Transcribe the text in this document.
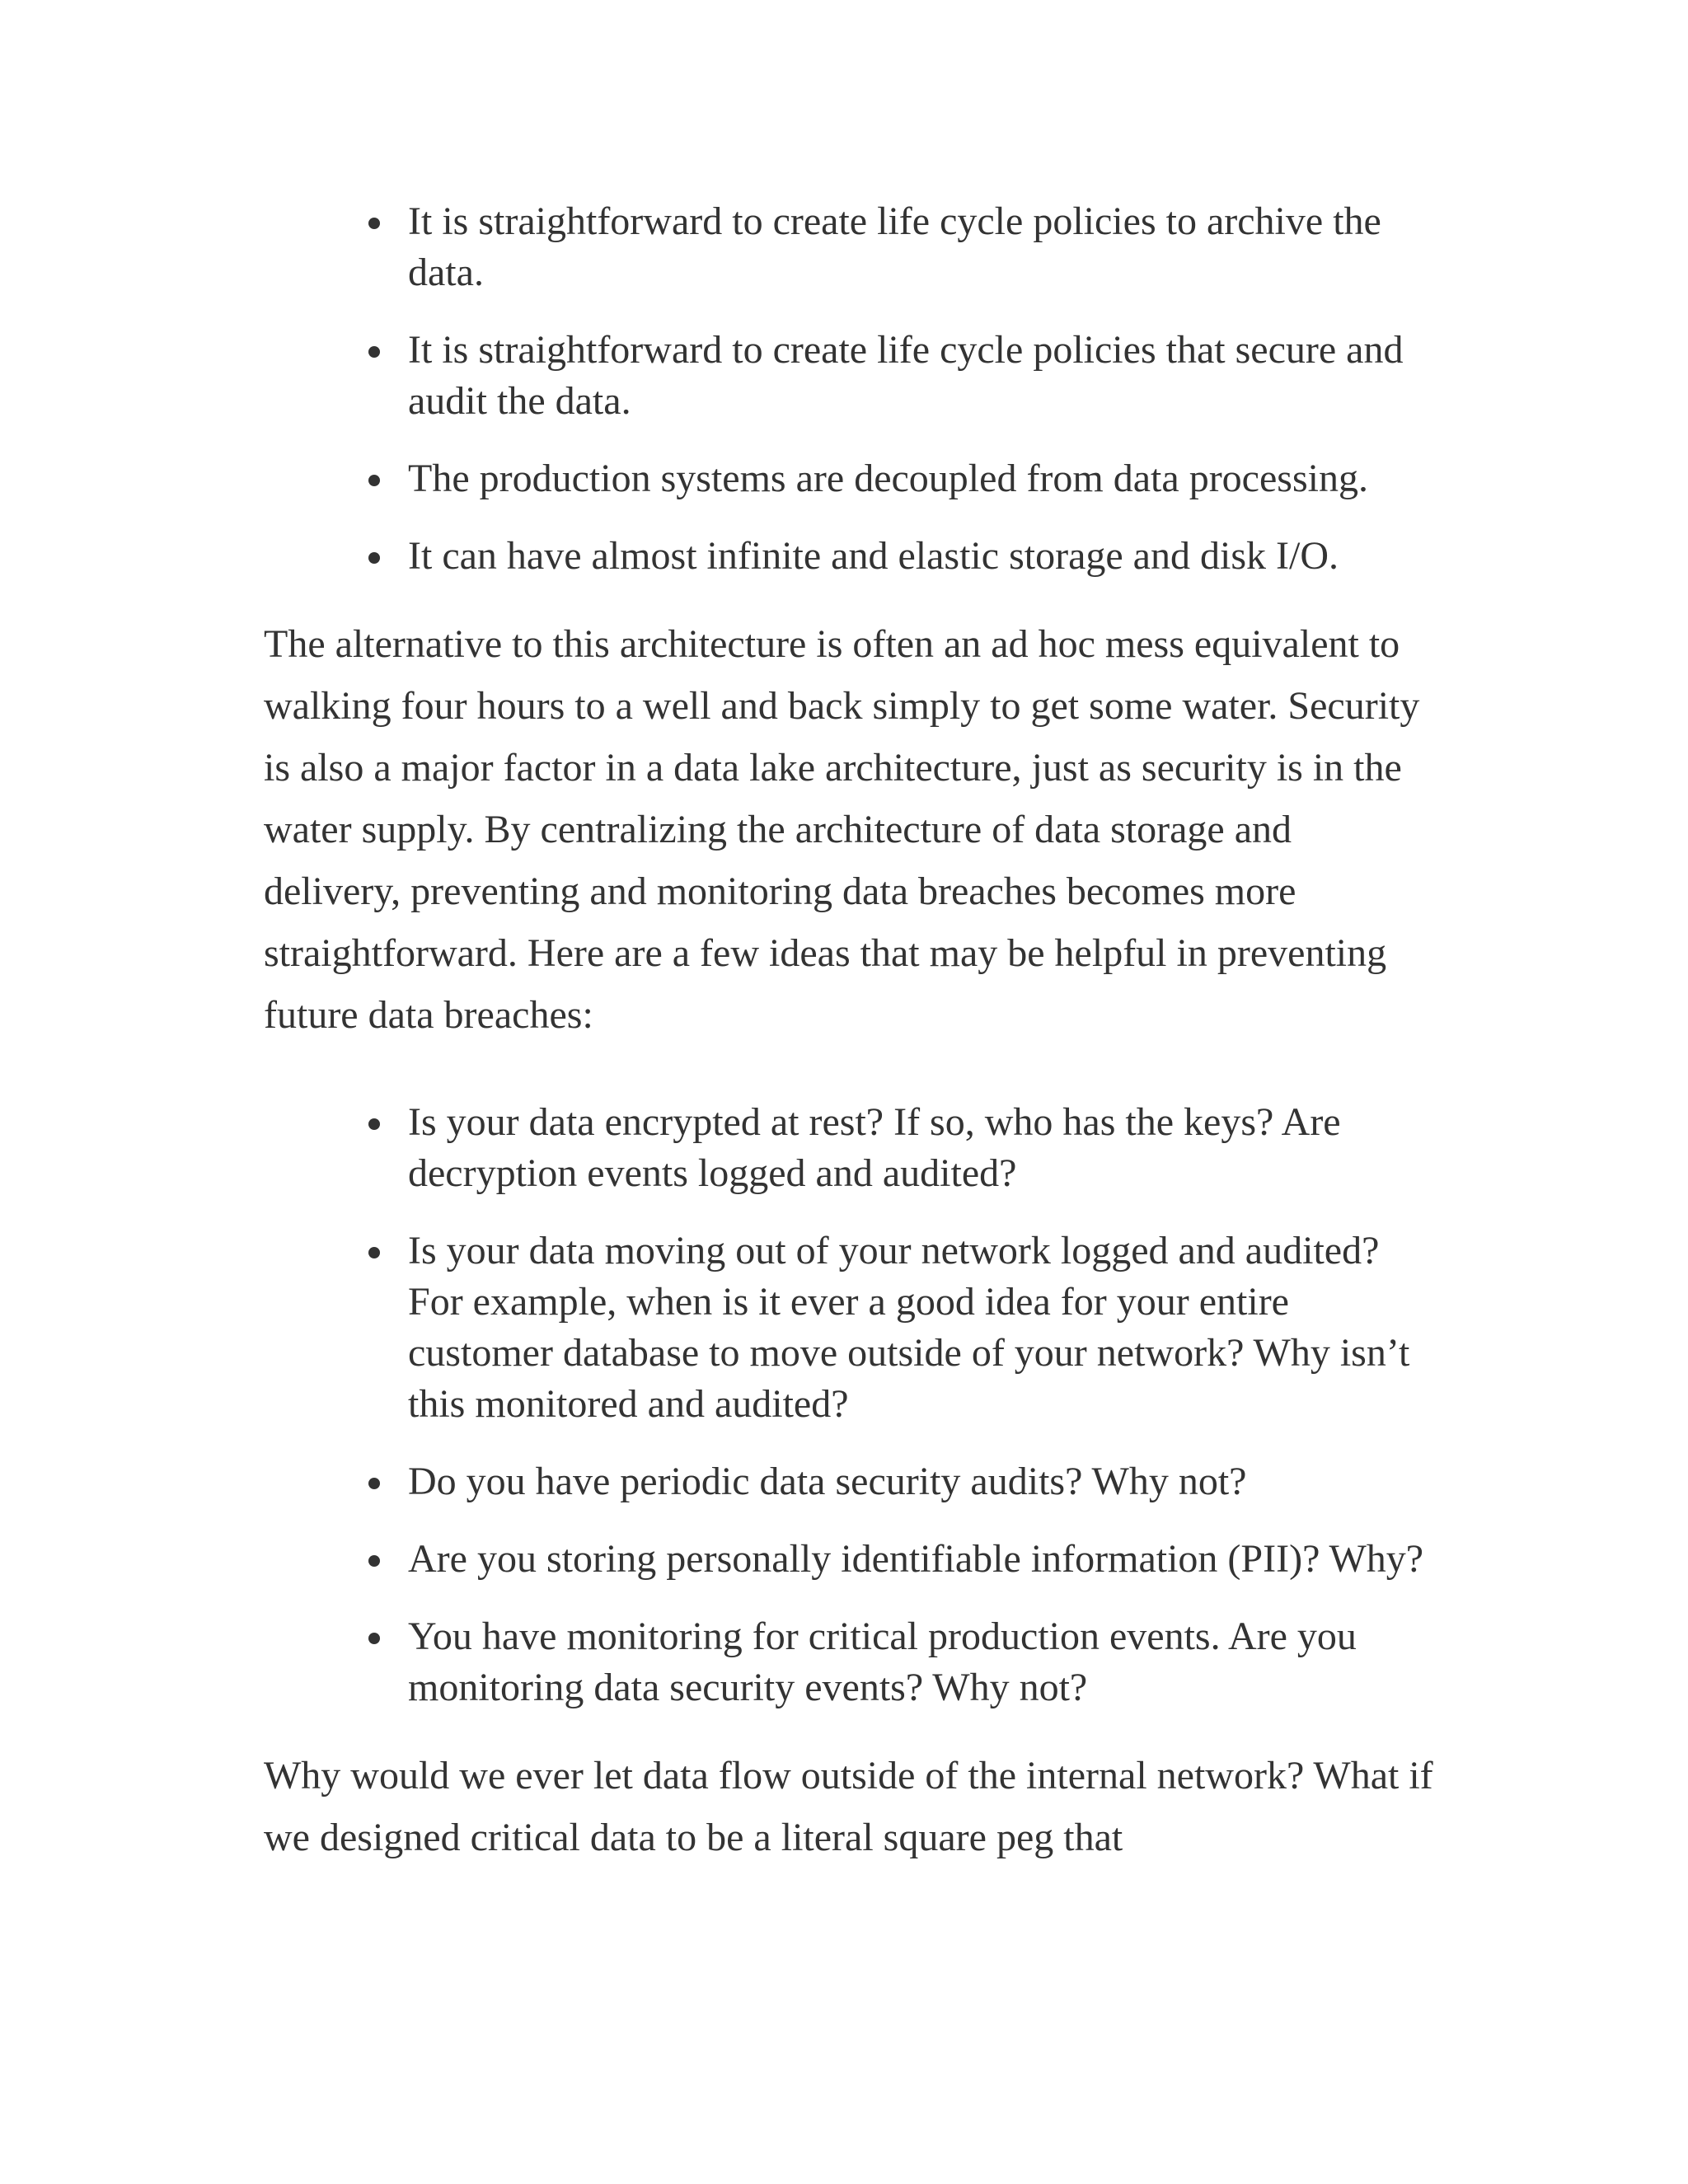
It is straightforward to create life cycle policies to archive the data.
It is straightforward to create life cycle policies that secure and audit the data.
The production systems are decoupled from data processing.
It can have almost infinite and elastic storage and disk I/O.

The alternative to this architecture is often an ad hoc mess equivalent to walking four hours to a well and back simply to get some water. Security is also a major factor in a data lake architecture, just as security is in the water supply. By centralizing the architecture of data storage and delivery, preventing and monitoring data breaches becomes more straightforward. Here are a few ideas that may be helpful in preventing future data breaches:

Is your data encrypted at rest? If so, who has the keys? Are decryption events logged and audited?
Is your data moving out of your network logged and audited? For example, when is it ever a good idea for your entire customer database to move outside of your network? Why isn’t this monitored and audited?
Do you have periodic data security audits? Why not?
Are you storing personally identifiable information (PII)? Why?
You have monitoring for critical production events. Are you monitoring data security events? Why not?

Why would we ever let data flow outside of the internal network? What if we designed critical data to be a literal square peg that
